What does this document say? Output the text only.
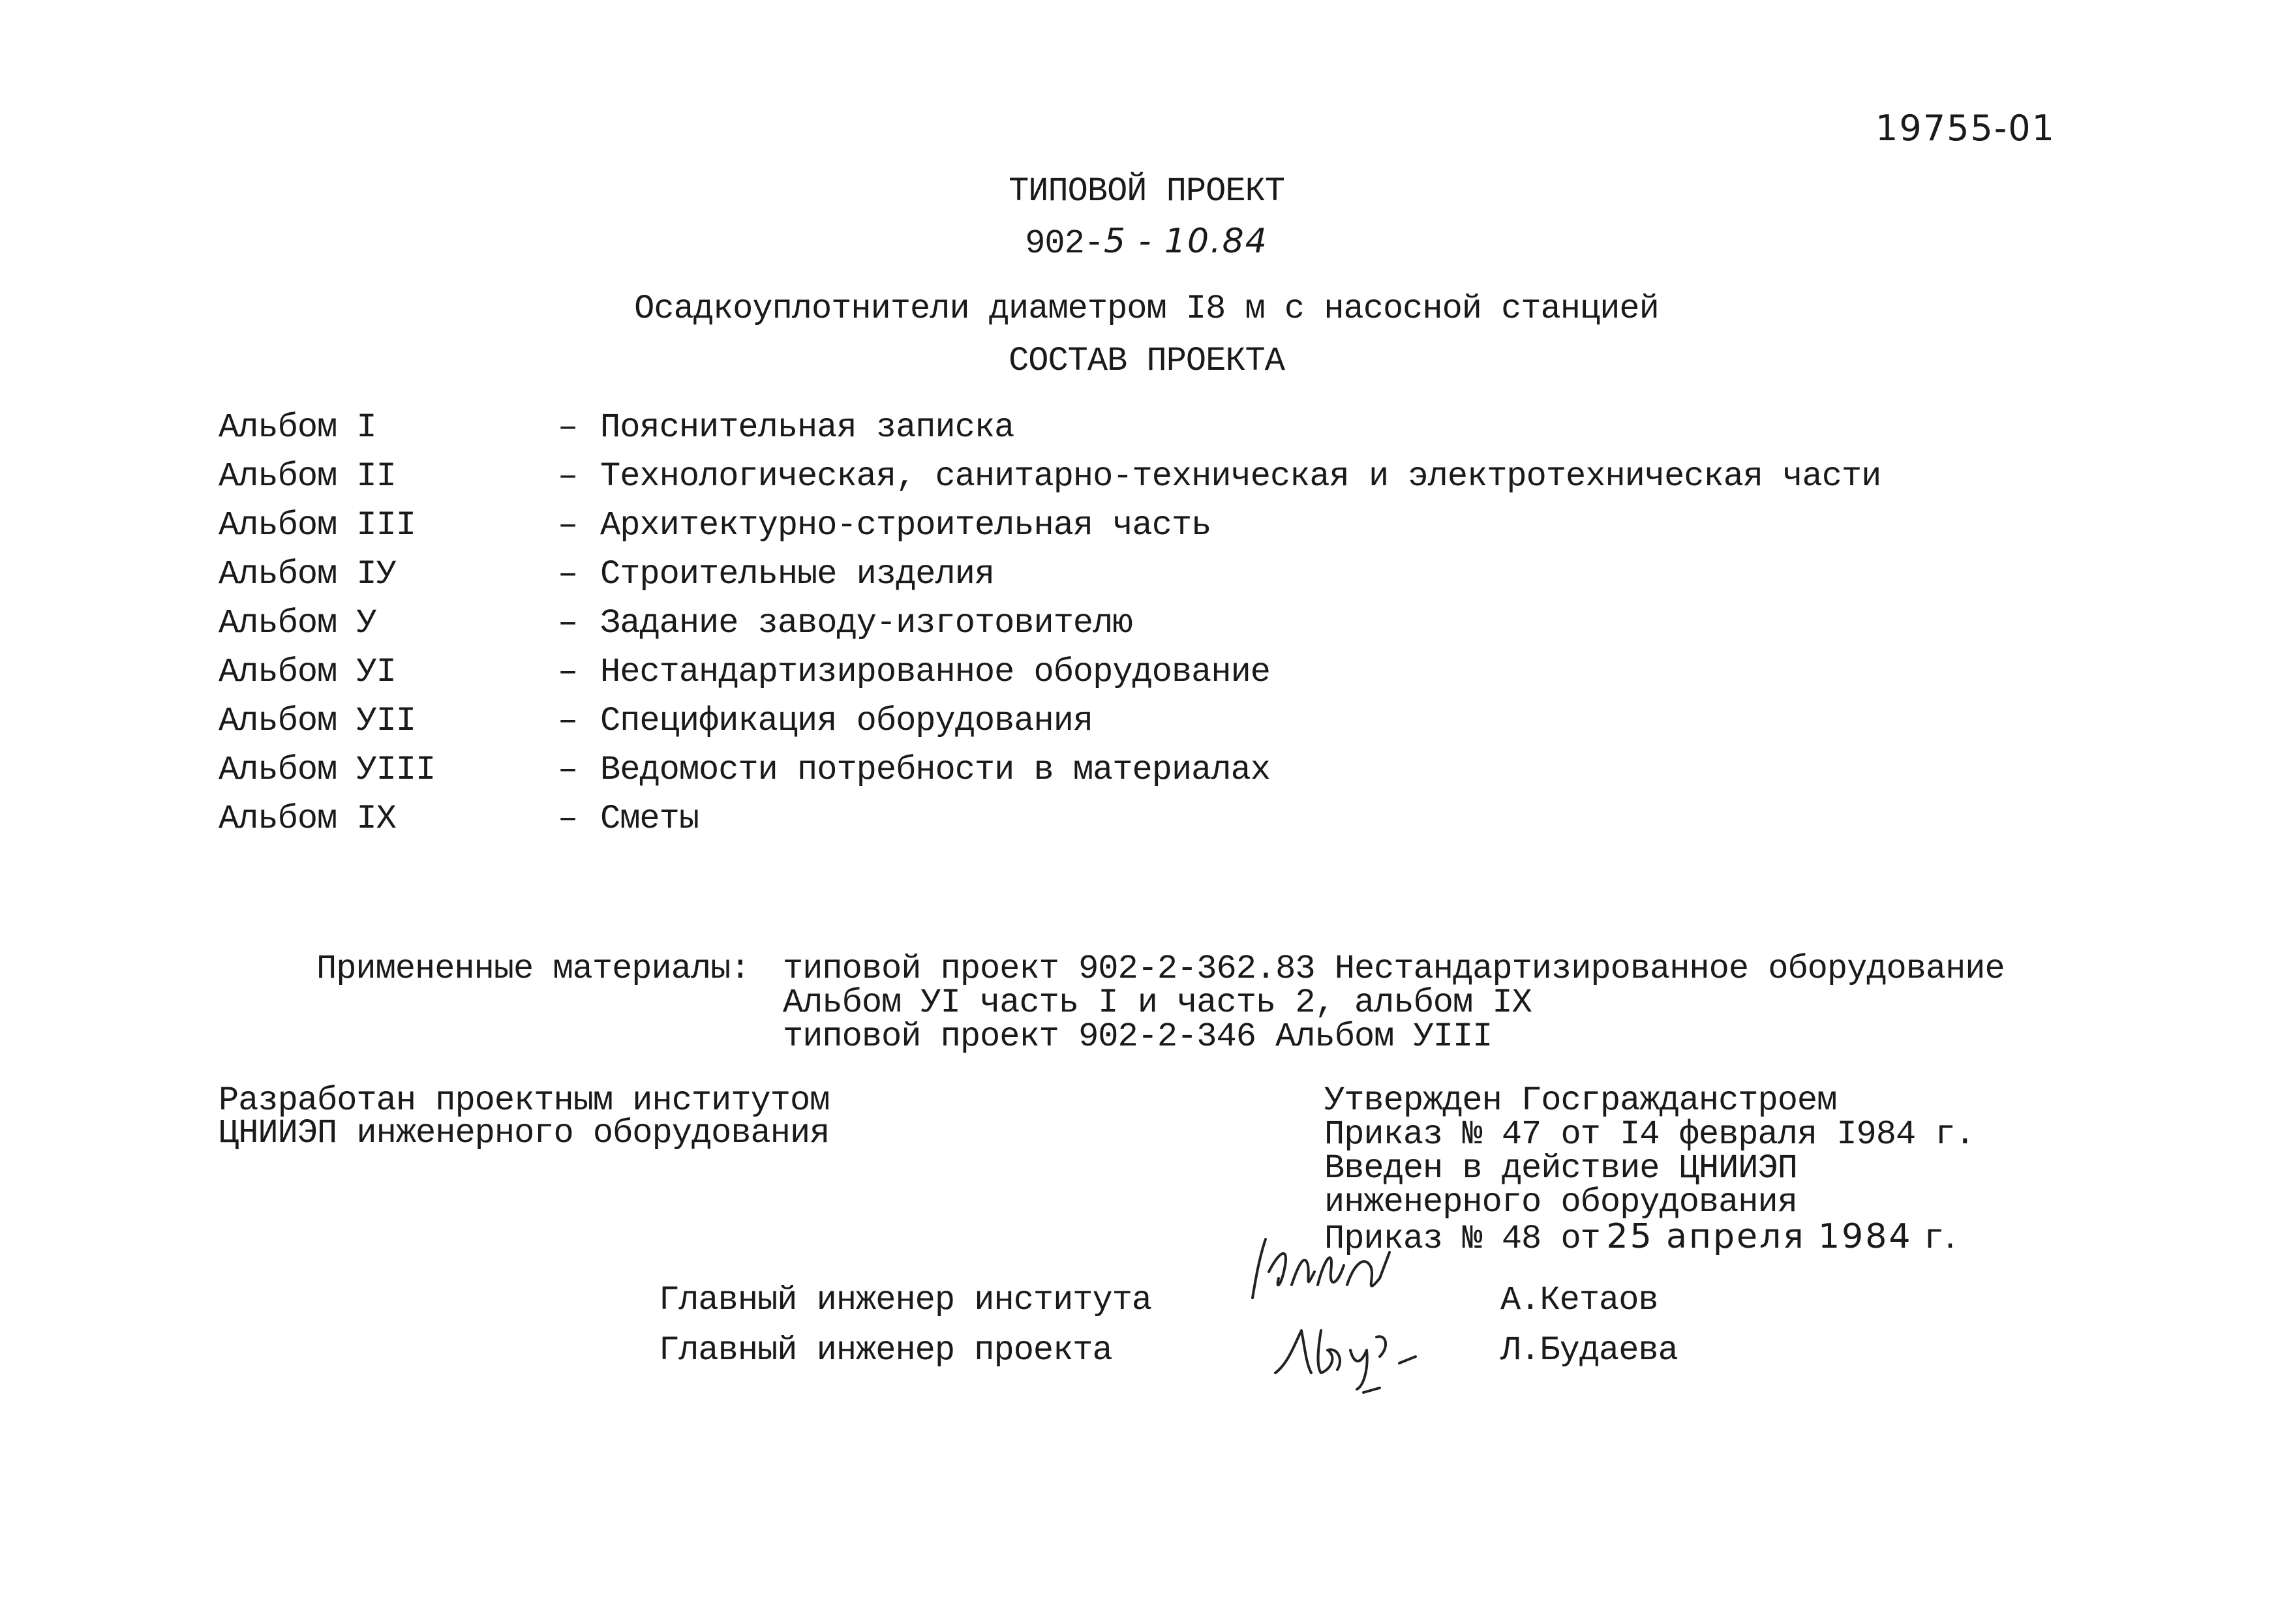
19755-01
ТИПОВОЙ ПРОЕКТ
902-5 - 10.84
Осадкоуплотнители диаметром I8 м с насосной станцией
СОСТАВ ПРОЕКТА
Альбом I	– Пояснительная записка
Альбом II	– Технологическая, санитарно-техническая и электротехническая части
Альбом III	– Архитектурно-строительная часть
Альбом IУ	– Строительные изделия
Альбом У	– Задание заводу-изготовителю
Альбом УI	– Нестандартизированное оборудование
Альбом УII	– Спецификация оборудования
Альбом УIII	– Ведомости потребности в материалах
Альбом IX	– Сметы
Примененные материалы: типовой проект 902-2-362.83 Нестандартизированное оборудование
Альбом УI часть I и часть 2, альбом IX
типовой проект 902-2-346 Альбом УIII
Разработан проектным институтом
ЦНИИЭП инженерного оборудования
Утвержден Госгражданстроем
Приказ № 47 от I4 февраля I984 г.
Введен в действие ЦНИИЭП
инженерного оборудования
Приказ № 48 от 25 апреля 1984 г.
Главный инженер института	А.Кетаов
Главный инженер проекта	Л.Будаева
